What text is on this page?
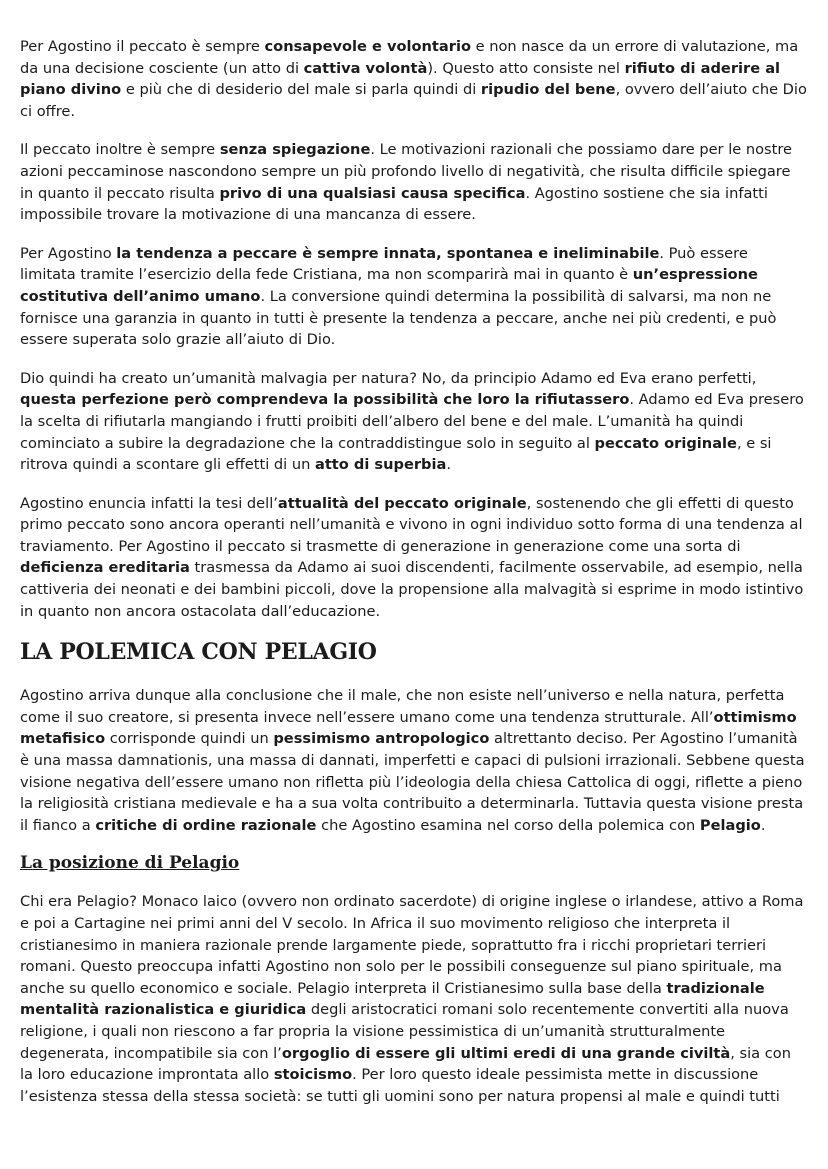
Per Agostino il peccato è sempre consapevole e volontario e non nasce da un errore di valutazione, ma da una decisione cosciente (un atto di cattiva volontà). Questo atto consiste nel rifiuto di aderire al piano divino e più che di desiderio del male si parla quindi di ripudio del bene, ovvero dell’aiuto che Dio ci offre.

Il peccato inoltre è sempre senza spiegazione. Le motivazioni razionali che possiamo dare per le nostre azioni peccaminose nascondono sempre un più profondo livello di negatività, che risulta difficile spiegare in quanto il peccato risulta privo di una qualsiasi causa specifica. Agostino sostiene che sia infatti impossibile trovare la motivazione di una mancanza di essere.

Per Agostino la tendenza a peccare è sempre innata, spontanea e ineliminabile. Può essere limitata tramite l’esercizio della fede Cristiana, ma non scomparirà mai in quanto è un’espressione costitutiva dell’animo umano. La conversione quindi determina la possibilità di salvarsi, ma non ne fornisce una garanzia in quanto in tutti è presente la tendenza a peccare, anche nei più credenti, e può essere superata solo grazie all’aiuto di Dio.

Dio quindi ha creato un’umanità malvagia per natura? No, da principio Adamo ed Eva erano perfetti, questa perfezione però comprendeva la possibilità che loro la rifiutassero. Adamo ed Eva presero la scelta di rifiutarla mangiando i frutti proibiti dell’albero del bene e del male. L’umanità ha quindi cominciato a subire la degradazione che la contraddistingue solo in seguito al peccato originale, e si ritrova quindi a scontare gli effetti di un atto di superbia.

Agostino enuncia infatti la tesi dell’attualità del peccato originale, sostenendo che gli effetti di questo primo peccato sono ancora operanti nell’umanità e vivono in ogni individuo sotto forma di una tendenza al traviamento. Per Agostino il peccato si trasmette di generazione in generazione come una sorta di deficienza ereditaria trasmessa da Adamo ai suoi discendenti, facilmente osservabile, ad esempio, nella cattiveria dei neonati e dei bambini piccoli, dove la propensione alla malvagità si esprime in modo istintivo in quanto non ancora ostacolata dall’educazione.

LA POLEMICA CON PELAGIO

Agostino arriva dunque alla conclusione che il male, che non esiste nell’universo e nella natura, perfetta come il suo creatore, si presenta invece nell’essere umano come una tendenza strutturale. All’ottimismo metafisico corrisponde quindi un pessimismo antropologico altrettanto deciso. Per Agostino l’umanità è una massa damnationis, una massa di dannati, imperfetti e capaci di pulsioni irrazionali. Sebbene questa visione negativa dell’essere umano non rifletta più l’ideologia della chiesa Cattolica di oggi, riflette a pieno la religiosità cristiana medievale e ha a sua volta contribuito a determinarla. Tuttavia questa visione presta il fianco a critiche di ordine razionale che Agostino esamina nel corso della polemica con Pelagio.

La posizione di Pelagio

Chi era Pelagio? Monaco laico (ovvero non ordinato sacerdote) di origine inglese o irlandese, attivo a Roma e poi a Cartagine nei primi anni del V secolo. In Africa il suo movimento religioso che interpreta il cristianesimo in maniera razionale prende largamente piede, soprattutto fra i ricchi proprietari terrieri romani. Questo preoccupa infatti Agostino non solo per le possibili conseguenze sul piano spirituale, ma anche su quello economico e sociale. Pelagio interpreta il Cristianesimo sulla base della tradizionale mentalità razionalistica e giuridica degli aristocratici romani solo recentemente convertiti alla nuova religione, i quali non riescono a far propria la visione pessimistica di un’umanità strutturalmente degenerata, incompatibile sia con l’orgoglio di essere gli ultimi eredi di una grande civiltà, sia con la loro educazione improntata allo stoicismo. Per loro questo ideale pessimista mette in discussione l’esistenza stessa della stessa società: se tutti gli uomini sono per natura propensi al male e quindi tutti
